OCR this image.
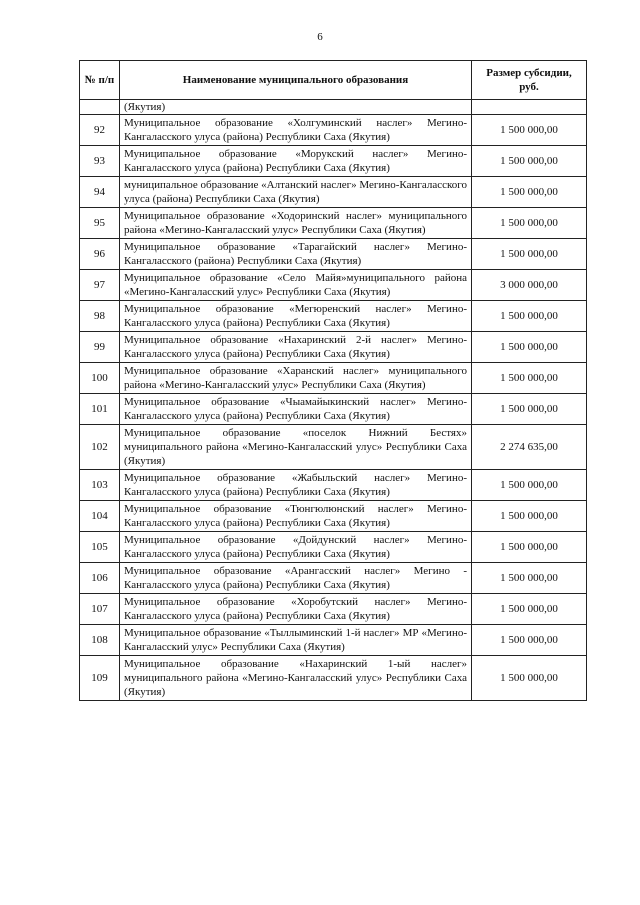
6
№ п/п	Наименование муниципального образования	Размер субсидии, руб.
	(Якутия)	
92	Муниципальное образование «Холгуминский наслег» Мегино-Кангаласского улуса (района) Республики Саха (Якутия)	1 500 000,00
93	Муниципальное образование «Морукский наслег» Мегино-Кангаласского улуса (района) Республики Саха (Якутия)	1 500 000,00
94	муниципальное образование «Алтанский наслег» Мегино-Кангаласского улуса (района) Республики Саха (Якутия)	1 500 000,00
95	Муниципальное образование «Ходоринский наслег» муниципального района «Мегино-Кангаласский улус» Республики Саха (Якутия)	1 500 000,00
96	Муниципальное образование «Тарагайский наслег» Мегино-Кангаласского (района) Республики Саха (Якутия)	1 500 000,00
97	Муниципальное образование «Село Майя»муниципального района «Мегино-Кангаласский улус» Республики Саха (Якутия)	3 000 000,00
98	Муниципальное образование «Мегюренский наслег» Мегино-Кангаласского улуса (района) Республики Саха (Якутия)	1 500 000,00
99	Муниципальное образование «Нахаринский 2-й наслег» Мегино-Кангаласского улуса (района) Республики Саха (Якутия)	1 500 000,00
100	Муниципальное образование «Харанский наслег» муниципального района «Мегино-Кангаласский улус» Республики Саха (Якутия)	1 500 000,00
101	Муниципальное образование «Чыамайыкинский наслег» Мегино-Кангаласского улуса (района) Республики Саха (Якутия)	1 500 000,00
102	Муниципальное образование «поселок Нижний Бестях» муниципального района «Мегино-Кангаласский улус» Республики Саха (Якутия)	2 274 635,00
103	Муниципальное образование «Жабыльский наслег» Мегино-Кангаласского улуса (района) Республики Саха (Якутия)	1 500 000,00
104	Муниципальное образование «Тюнгюлюнский наслег» Мегино-Кангаласского улуса (района) Республики Саха (Якутия)	1 500 000,00
105	Муниципальное образование «Дойдунский наслег» Мегино-Кангаласского улуса (района) Республики Саха (Якутия)	1 500 000,00
106	Муниципальное образование «Арангасский наслег» Мегино - Кангаласского улуса (района) Республики Саха (Якутия)	1 500 000,00
107	Муниципальное образование «Хоробутский наслег» Мегино-Кангаласского улуса (района) Республики Саха (Якутия)	1 500 000,00
108	Муниципальное образование «Тыллыминский 1-й наслег» МР «Мегино-Кангаласский улус» Республики Саха (Якутия)	1 500 000,00
109	Муниципальное образование «Нахаринский 1-ый наслег» муниципального района «Мегино-Кангаласский улус» Республики Саха (Якутия)	1 500 000,00
